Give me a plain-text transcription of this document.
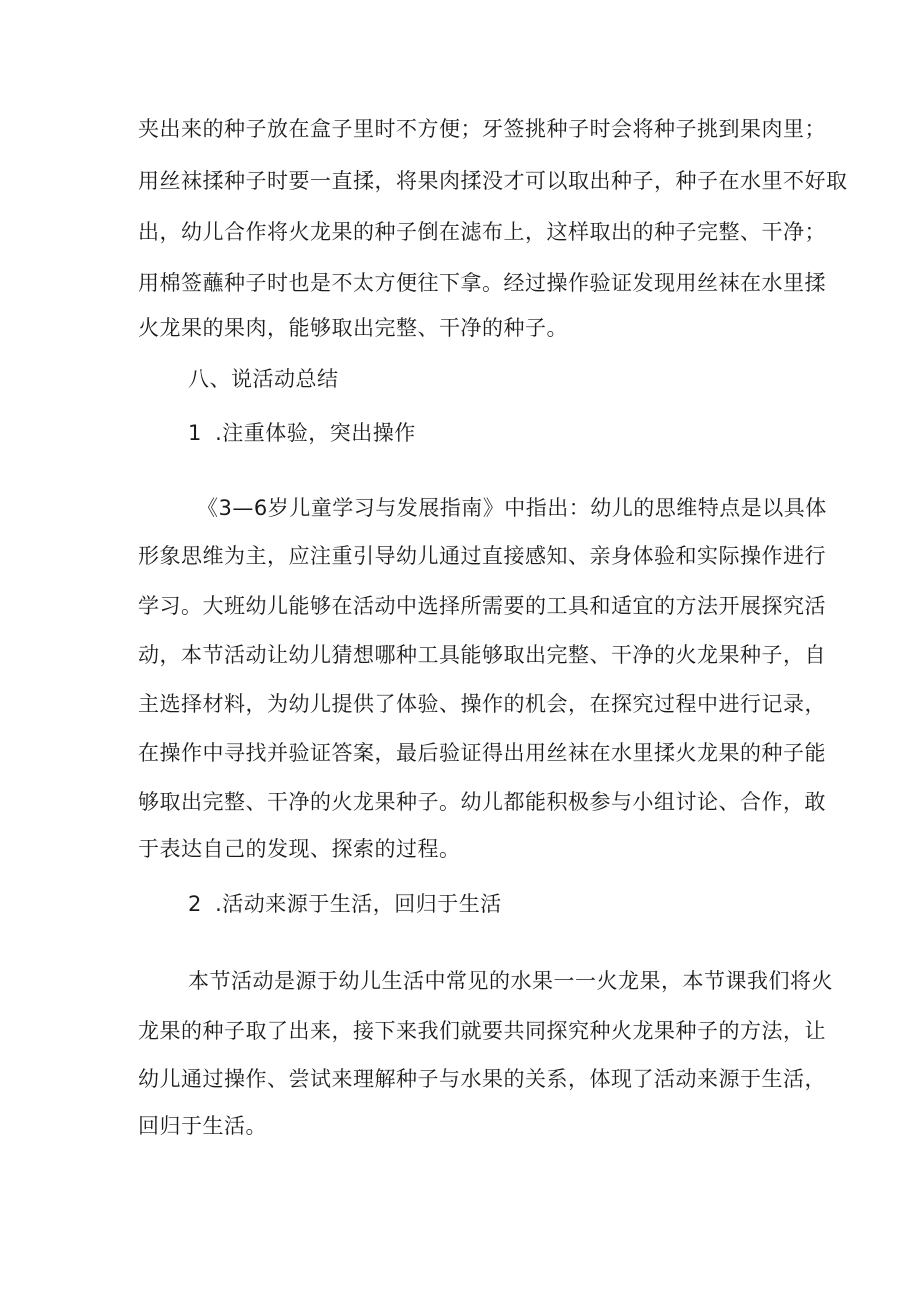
夹出来的种子放在盒子里时不方便；牙签挑种子时会将种子挑到果肉里；
用丝袜揉种子时要一直揉，将果肉揉没才可以取出种子，种子在水里不好取
出，幼儿合作将火龙果的种子倒在滤布上，这样取出的种子完整、干净；
用棉签蘸种子时也是不太方便往下拿。经过操作验证发现用丝袜在水里揉
火龙果的果肉，能够取出完整、干净的种子。
八、说活动总结
1 .注重体验，突出操作
《3—6岁儿童学习与发展指南》中指出：幼儿的思维特点是以具体
形象思维为主，应注重引导幼儿通过直接感知、亲身体验和实际操作进行
学习。大班幼儿能够在活动中选择所需要的工具和适宜的方法开展探究活
动，本节活动让幼儿猜想哪种工具能够取出完整、干净的火龙果种子，自
主选择材料，为幼儿提供了体验、操作的机会，在探究过程中进行记录，
在操作中寻找并验证答案，最后验证得出用丝袜在水里揉火龙果的种子能
够取出完整、干净的火龙果种子。幼儿都能积极参与小组讨论、合作，敢
于表达自己的发现、探索的过程。
2 .活动来源于生活，回归于生活
本节活动是源于幼儿生活中常见的水果一一火龙果，本节课我们将火
龙果的种子取了出来，接下来我们就要共同探究种火龙果种子的方法，让
幼儿通过操作、尝试来理解种子与水果的关系，体现了活动来源于生活，
回归于生活。
